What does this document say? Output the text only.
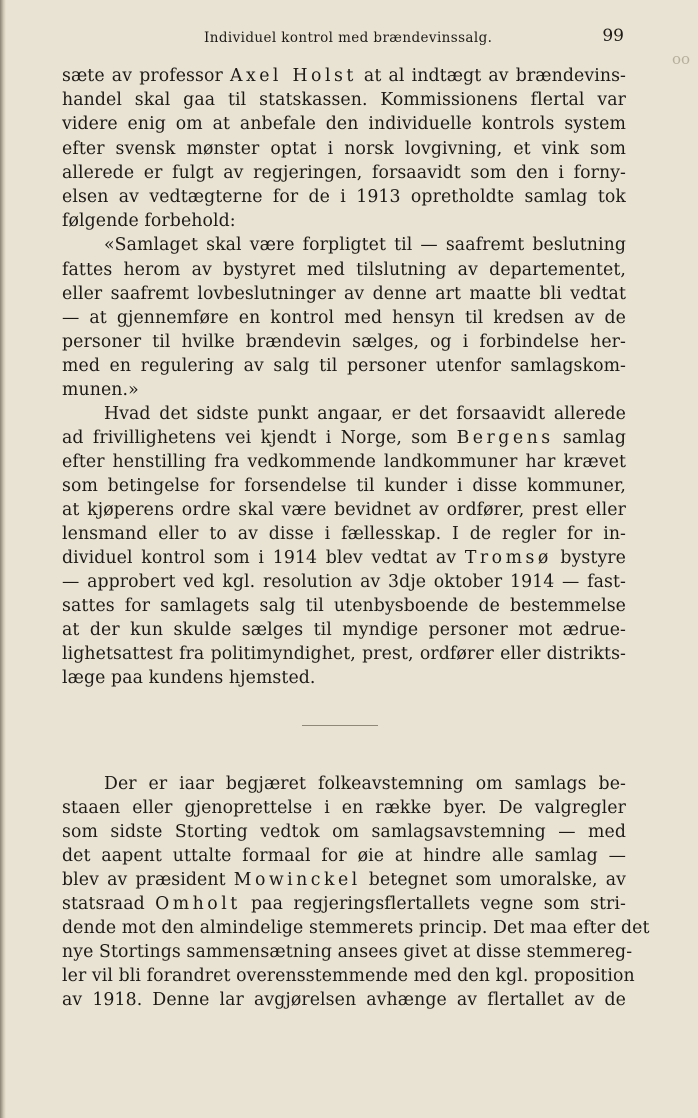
Individuel kontrol med brændevinssalg.	99
oo
sæte av professor Axel Holst at al indtægt av brændevins-
handel skal gaa til statskassen. Kommissionens flertal var
videre enig om at anbefale den individuelle kontrols system
efter svensk mønster optat i norsk lovgivning, et vink som
allerede er fulgt av regjeringen, forsaavidt som den i forny-
elsen av vedtægterne for de i 1913 opretholdte samlag tok
følgende forbehold:
«Samlaget skal være forpligtet til — saafremt beslutning
fattes herom av bystyret med tilslutning av departementet,
eller saafremt lovbeslutninger av denne art maatte bli vedtat
— at gjennemføre en kontrol med hensyn til kredsen av de
personer til hvilke brændevin sælges, og i forbindelse her-
med en regulering av salg til personer utenfor samlagskom-
munen.»
Hvad det sidste punkt angaar, er det forsaavidt allerede
ad frivillighetens vei kjendt i Norge, som Bergens samlag
efter henstilling fra vedkommende landkommuner har krævet
som betingelse for forsendelse til kunder i disse kommuner,
at kjøperens ordre skal være bevidnet av ordfører, prest eller
lensmand eller to av disse i fællesskap. I de regler for in-
dividuel kontrol som i 1914 blev vedtat av Tromsø bystyre
— approbert ved kgl. resolution av 3dje oktober 1914 — fast-
sattes for samlagets salg til utenbysboende de bestemmelse
at der kun skulde sælges til myndige personer mot ædrue-
lighetsattest fra politimyndighet, prest, ordfører eller distrikts-
læge paa kundens hjemsted.
Der er iaar begjæret folkeavstemning om samlags be-
staaen eller gjenoprettelse i en række byer. De valgregler
som sidste Storting vedtok om samlagsavstemning — med
det aapent uttalte formaal for øie at hindre alle samlag —
blev av præsident Mowinckel betegnet som umoralske, av
statsraad Omholt paa regjeringsflertallets vegne som stri-
dende mot den almindelige stemmerets princip. Det maa efter det
nye Stortings sammensætning ansees givet at disse stemmereg-
ler vil bli forandret overensstemmende med den kgl. proposition
av 1918. Denne lar avgjørelsen avhænge av flertallet av de
